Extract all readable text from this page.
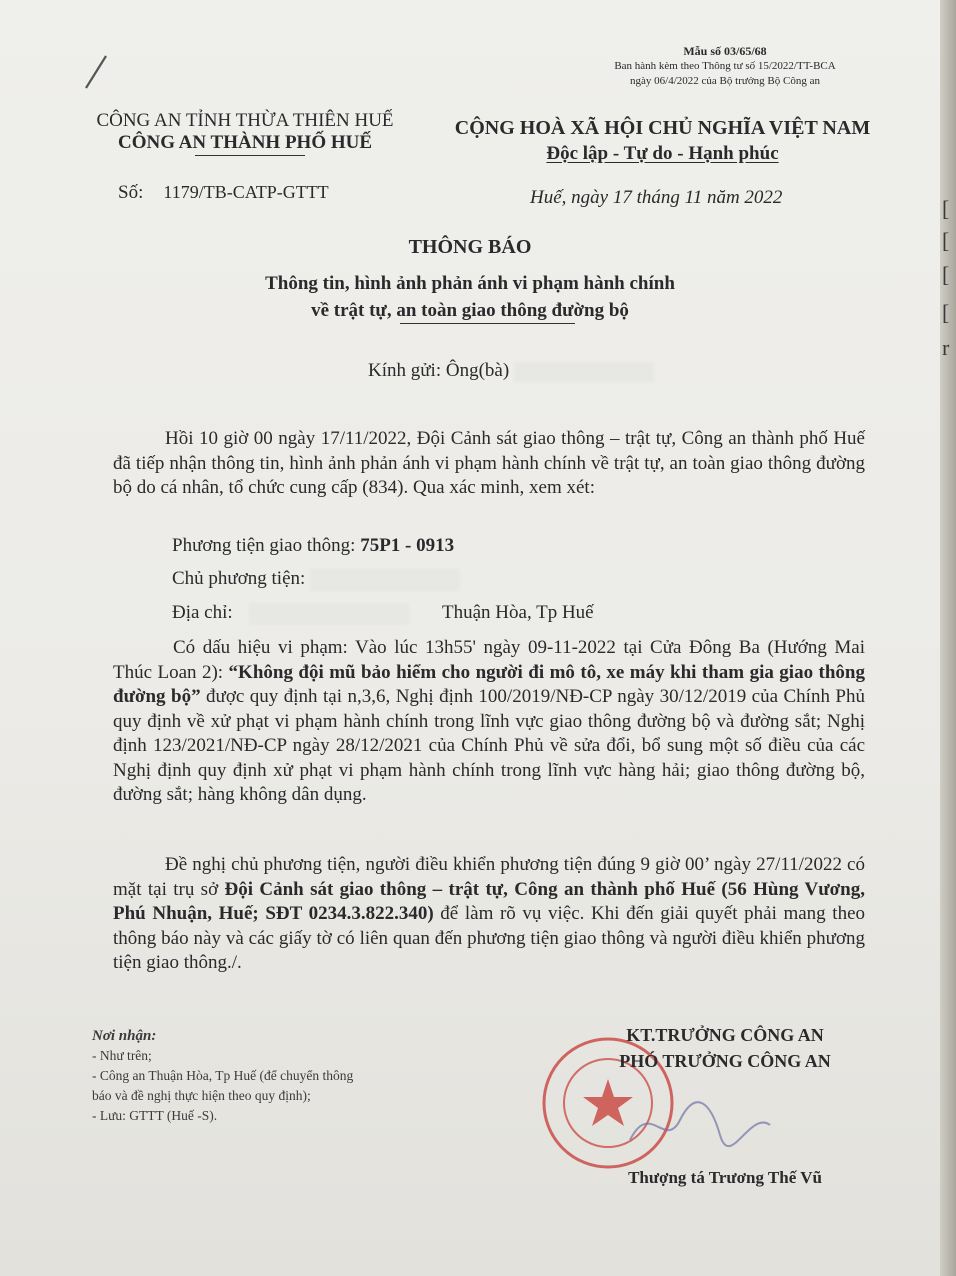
Mẫu số 03/65/68
Ban hành kèm theo Thông tư số 15/2022/TT-BCA
ngày 06/4/2022 của Bộ trưởng Bộ Công an
CÔNG AN TỈNH THỪA THIÊN HUẾ
CÔNG AN THÀNH PHỐ HUẾ
CỘNG HOÀ XÃ HỘI CHỦ NGHĨA VIỆT NAM
Độc lập - Tự do - Hạnh phúc
Số: 1179/TB-CATP-GTTT	Huế, ngày 17 tháng 11 năm 2022
THÔNG BÁO
Thông tin, hình ảnh phản ánh vi phạm hành chính
về trật tự, an toàn giao thông đường bộ
Kính gửi: Ông(bà)
Hồi 10 giờ 00 ngày 17/11/2022, Đội Cảnh sát giao thông – trật tự, Công an thành phố Huế đã tiếp nhận thông tin, hình ảnh phản ánh vi phạm hành chính về trật tự, an toàn giao thông đường bộ do cá nhân, tổ chức cung cấp (834). Qua xác minh, xem xét:
Phương tiện giao thông: 75P1 - 0913
Chủ phương tiện:
Địa chỉ:	Thuận Hòa, Tp Huế
Có dấu hiệu vi phạm: Vào lúc 13h55' ngày 09-11-2022 tại Cửa Đông Ba (Hướng Mai Thúc Loan 2): “Không đội mũ bảo hiểm cho người đi mô tô, xe máy khi tham gia giao thông đường bộ” được quy định tại n,3,6, Nghị định 100/2019/NĐ-CP ngày 30/12/2019 của Chính Phủ quy định về xử phạt vi phạm hành chính trong lĩnh vực giao thông đường bộ và đường sắt; Nghị định 123/2021/NĐ-CP ngày 28/12/2021 của Chính Phủ về sửa đổi, bổ sung một số điều của các Nghị định quy định xử phạt vi phạm hành chính trong lĩnh vực hàng hải; giao thông đường bộ, đường sắt; hàng không dân dụng.
Đề nghị chủ phương tiện, người điều khiển phương tiện đúng 9 giờ 00’ ngày 27/11/2022 có mặt tại trụ sở Đội Cảnh sát giao thông – trật tự, Công an thành phố Huế (56 Hùng Vương, Phú Nhuận, Huế; SĐT 0234.3.822.340) để làm rõ vụ việc. Khi đến giải quyết phải mang theo thông báo này và các giấy tờ có liên quan đến phương tiện giao thông và người điều khiển phương tiện giao thông./.
Nơi nhận:
- Như trên;
- Công an Thuận Hòa, Tp Huế (để chuyển thông
báo và đề nghị thực hiện theo quy định);
- Lưu: GTTT (Huế -S).
KT.TRƯỞNG CÔNG AN
PHÓ TRƯỞNG CÔNG AN
Thượng tá Trương Thế Vũ
[
[
[
[
r
